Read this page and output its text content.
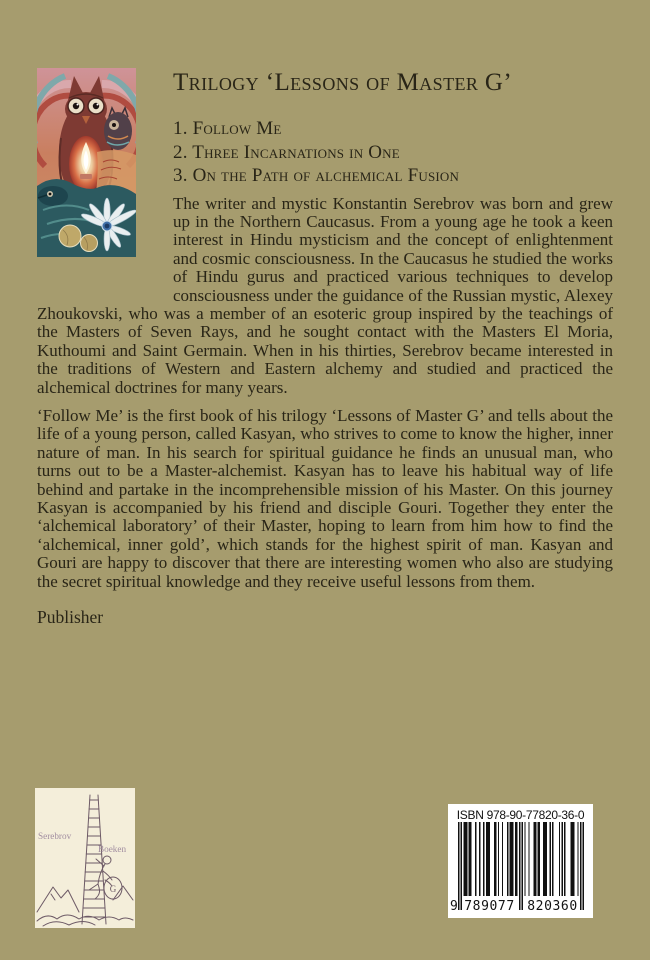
Trilogy ‘Lessons of Master G’
1. Follow Me
2. Three Incarnations in One
3. On the Path of alchemical Fusion

The writer and mystic Konstantin Serebrov was born and grew up in the Northern Caucasus. From a young age he took a keen interest in Hindu mysticism and the concept of enlightenment and cosmic consciousness. In the Caucasus he studied the works of Hindu gurus and practiced various techniques to develop consciousness under the guidance of the Russian mystic, Alexey Zhoukovski, who was a member of an esoteric group inspired by the teachings of the Masters of Seven Rays, and he sought contact with the Masters El Moria, Kuthoumi and Saint Germain. When in his thirties, Serebrov became interested in the traditions of Western and Eastern alchemy and studied and practiced the alchemical doctrines for many years.

‘Follow Me’ is the first book of his trilogy ‘Lessons of Master G’ and tells about the life of a young person, called Kasyan, who strives to come to know the higher, inner nature of man. In his search for spiritual guidance he finds an unusual man, who turns out to be a Master-alchemist. Kasyan has to leave his habitual way of life behind and partake in the incomprehensible mission of his Master. On this journey Kasyan is accompanied by his friend and disciple Gouri. Together they enter the ‘alchemical laboratory’ of their Master, hoping to learn from him how to find the ‘alchemical, inner gold’, which stands for the highest spirit of man. Kasyan and Gouri are happy to discover that there are interesting women who also are studying the secret spiritual knowledge and they receive useful lessons from them.

Publisher

G
Serebrov
Boeken
ISBN 978-90-77820-36-0
9 789077 820360
